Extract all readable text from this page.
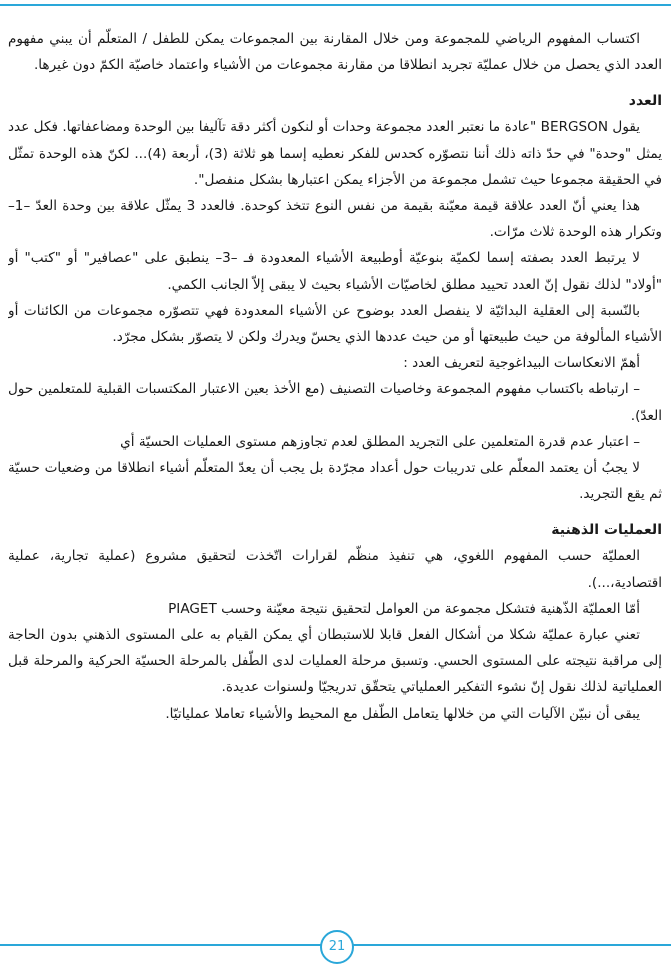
اكتساب المفهوم الرياضي للمجموعة ومن خلال المقارنة بين المجموعات يمكن للطفل / المتعلّم أن يبني مفهوم العدد الذي يحصل من خلال عمليّة تجريد انطلاقا من مقارنة مجموعات من الأشياء واعتماد خاصيّة الكمّ دون غيرها.

العدد

يقول BERGSON "عادة ما نعتبر العدد مجموعة وحدات أو لنكون أكثر دقة تآليفا بين الوحدة ومضاعفاتها. فكل عدد يمثل "وحدة" في حدّ ذاته ذلك أننا نتصوّره كحدس للفكر نعطيه إسما هو ثلاثة (3)، أربعة (4)... لكنّ هذه الوحدة تمثّل في الحقيقة مجموعا حيث تشمل مجموعة من الأجزاء يمكن اعتبارها بشكل منفصل".

هذا يعني أنّ العدد علاقة قيمة معيّنة بقيمة من نفس النوع تتخذ كوحدة. فالعدد 3 يمثّل علاقة بين وحدة العدّ –1– وتكرار هذه الوحدة ثلاث مرّات.

لا يرتبط العدد بصفته إسما لكميّة بنوعيّة أوطبيعة الأشياء المعدودة فـ –3– ينطبق على "عصافير" أو "كتب" أو "أولاد" لذلك نقول إنّ العدد تحييد مطلق لخاصيّات الأشياء بحيث لا يبقى إلاّ الجانب الكمي.

بالنّسبة إلى العقلية البدائيّة لا ينفصل العدد بوضوح عن الأشياء المعدودة فهي تتصوّره مجموعات من الكائنات أو الأشياء المألوفة من حيث طبيعتها أو من حيث عددها الذي يحسّ ويدرك ولكن لا يتصوّر بشكل مجرّد.

أهمّ الانعكاسات البيداغوجية لتعريف العدد :

– ارتباطه باكتساب مفهوم المجموعة وخاصيات التصنيف (مع الأخذ بعين الاعتبار المكتسبات القبلية للمتعلمين حول العدّ).

– اعتبار عدم قدرة المتعلمين على التجريد المطلق لعدم تجاوزهم مستوى العمليات الحسيّة أي

لا يجبُ أن يعتمد المعلّم على تدريبات حول أعداد مجرّدة بل يجب أن يعدّ المتعلّم أشياء انطلاقا من وضعيات حسيّة ثم يقع التجريد.

العمليات الذهنية

العمليّة حسب المفهوم اللغوي، هي تنفيذ منظّم لقرارات اتّخذت لتحقيق مشروع (عملية تجارية، عملية اقتصادية،...).

أمّا العمليّة الذّهنية فتشكل مجموعة من العوامل لتحقيق نتيجة معيّنة وحسب PIAGET

تعني عبارة عمليّة شكلا من أشكال الفعل قابلا للاستبطان أي يمكن القيام به على المستوى الذهني بدون الحاجة إلى مراقبة نتيجته على المستوى الحسي. وتسبق مرحلة العمليات لدى الطّفل بالمرحلة الحسيّة الحركية والمرحلة قبل العملياتية لذلك نقول إنّ نشوء التفكير العملياتي يتحقّق تدريجيّا ولسنوات عديدة.

يبقى أن نبيّن الآليات التي من خلالها يتعامل الطّفل مع المحيط والأشياء تعاملا عملياتيّا.

21
